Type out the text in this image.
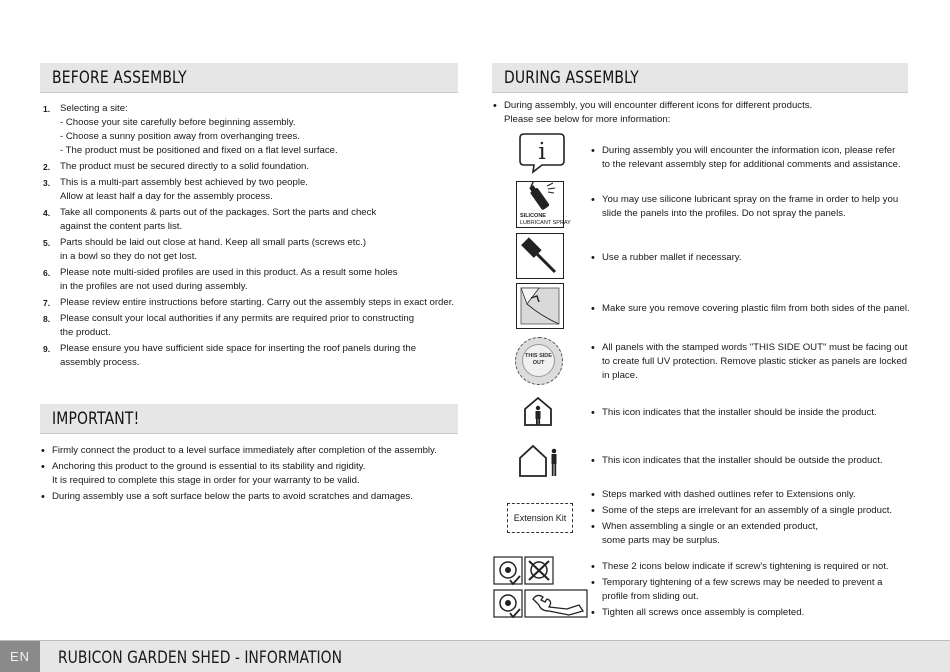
BEFORE ASSEMBLY
1. Selecting a site:
- Choose your site carefully before beginning assembly.
- Choose a sunny position away from overhanging trees.
- The product must be positioned and fixed on a flat level surface.
2. The product must be secured directly to a solid foundation.
3. This is a multi-part assembly best achieved by two people.
Allow at least half a day for the assembly process.
4. Take all components & parts out of the packages. Sort the parts and check
against the content parts list.
5. Parts should be laid out close at hand. Keep all small parts (screws etc.)
in a bowl so they do not get lost.
6. Please note multi-sided profiles are used in this product. As a result some holes
in the profiles are not used during assembly.
7. Please review entire instructions before starting. Carry out the assembly steps in exact order.
8. Please consult your local authorities if any permits are required prior to constructing
the product.
9. Please ensure you have sufficient side space for inserting the roof panels during the
assembly process.
IMPORTANT!
• Firmly connect the product to a level surface immediately after completion of the assembly.
• Anchoring this product to the ground is essential to its stability and rigidity.
It is required to complete this stage in order for your warranty to be valid.
• During assembly use a soft surface below the parts to avoid scratches and damages.
DURING ASSEMBLY
• During assembly, you will encounter different icons for different products.
Please see below for more information:
i
•	During assembly you will encounter the information icon, please refer
to the relevant assembly step for additional comments and assistance.
SILICONE
LUBRICANT SPRAY
• You may use silicone lubricant spray on the frame in order to help you
slide the panels into the profiles. Do not spray the panels.
• Use a rubber mallet if necessary.
• Make sure you remove covering plastic film from both sides of the panel.
THIS SIDE
OUT
• All panels with the stamped words "THIS SIDE OUT" must be facing out
to create full UV protection. Remove plastic sticker as panels are locked
in place.
• This icon indicates that the installer should be inside the product.
• This icon indicates that the installer should be outside the product.
Extension Kit
• Steps marked with dashed outlines refer to Extensions only.
• Some of the steps are irrelevant for an assembly of a single product.
• When assembling a single or an extended product,
some parts may be surplus.
• These 2 icons below indicate if screw's tightening is required or not.
• Temporary tightening of a few screws may be needed to prevent a
profile from sliding out.
• Tighten all screws once assembly is completed.
EN	RUBICON GARDEN SHED - INFORMATION
